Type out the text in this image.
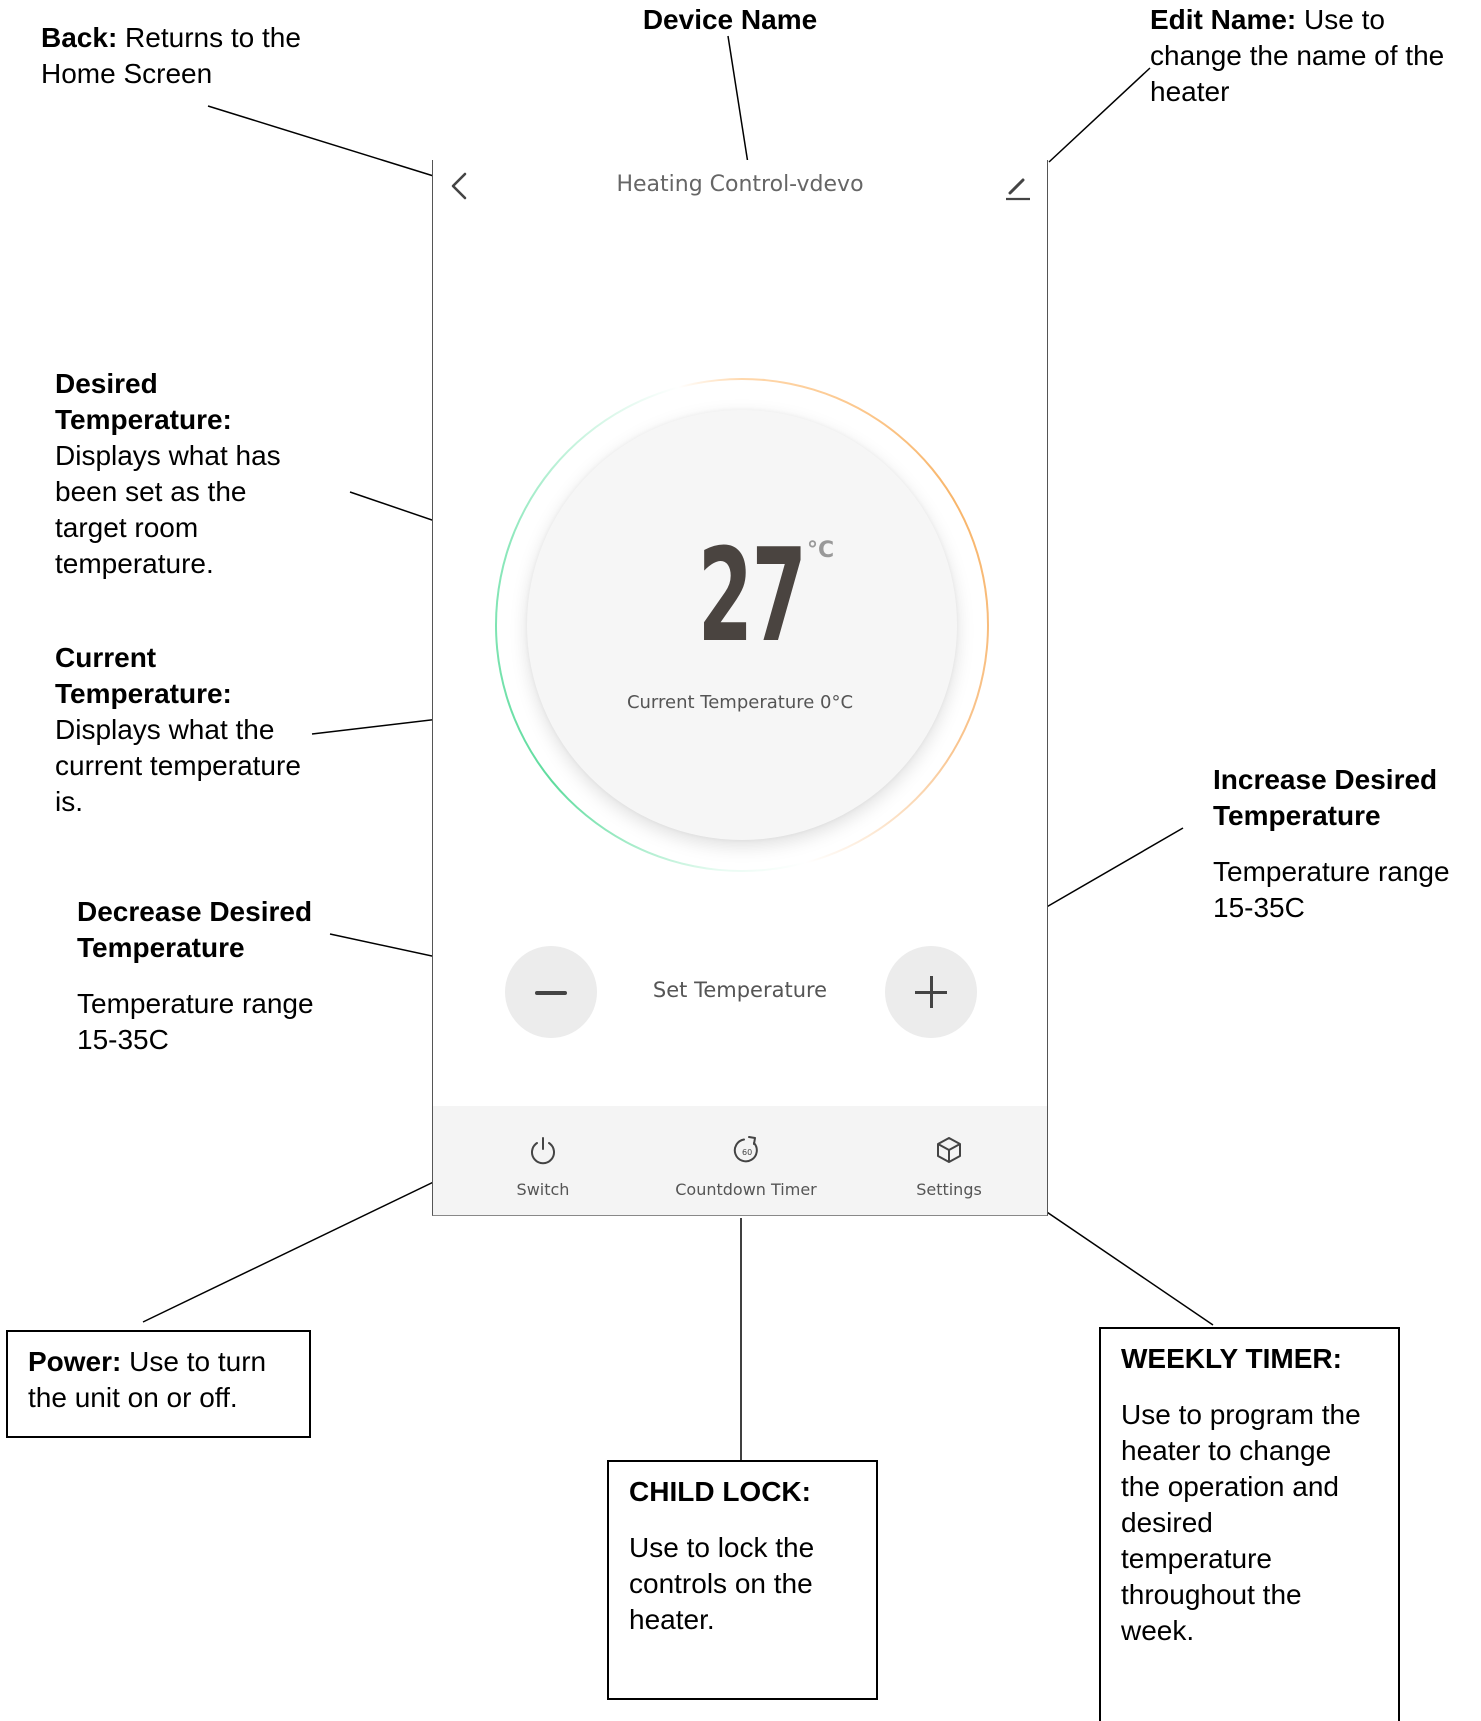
Back: Returns to the Home Screen
Device Name	Edit Name: Use to change the name of the heater
Desired Temperature:
Displays what has been set as the target room temperature.
Current Temperature:
Displays what the current temperature is.
Decrease Desired Temperature
Temperature range 15-35C
Increase Desired Temperature
Temperature range 15-35C
Power: Use to turn the unit on or off.
CHILD LOCK:
Use to lock the controls on the heater.
WEEKLY TIMER:
Use to program the heater to change the operation and desired temperature throughout the week.
Heating Control-vdevo
27 °C
Current Temperature 0°C
Set Temperature
Switch
60
Countdown Timer	Settings
